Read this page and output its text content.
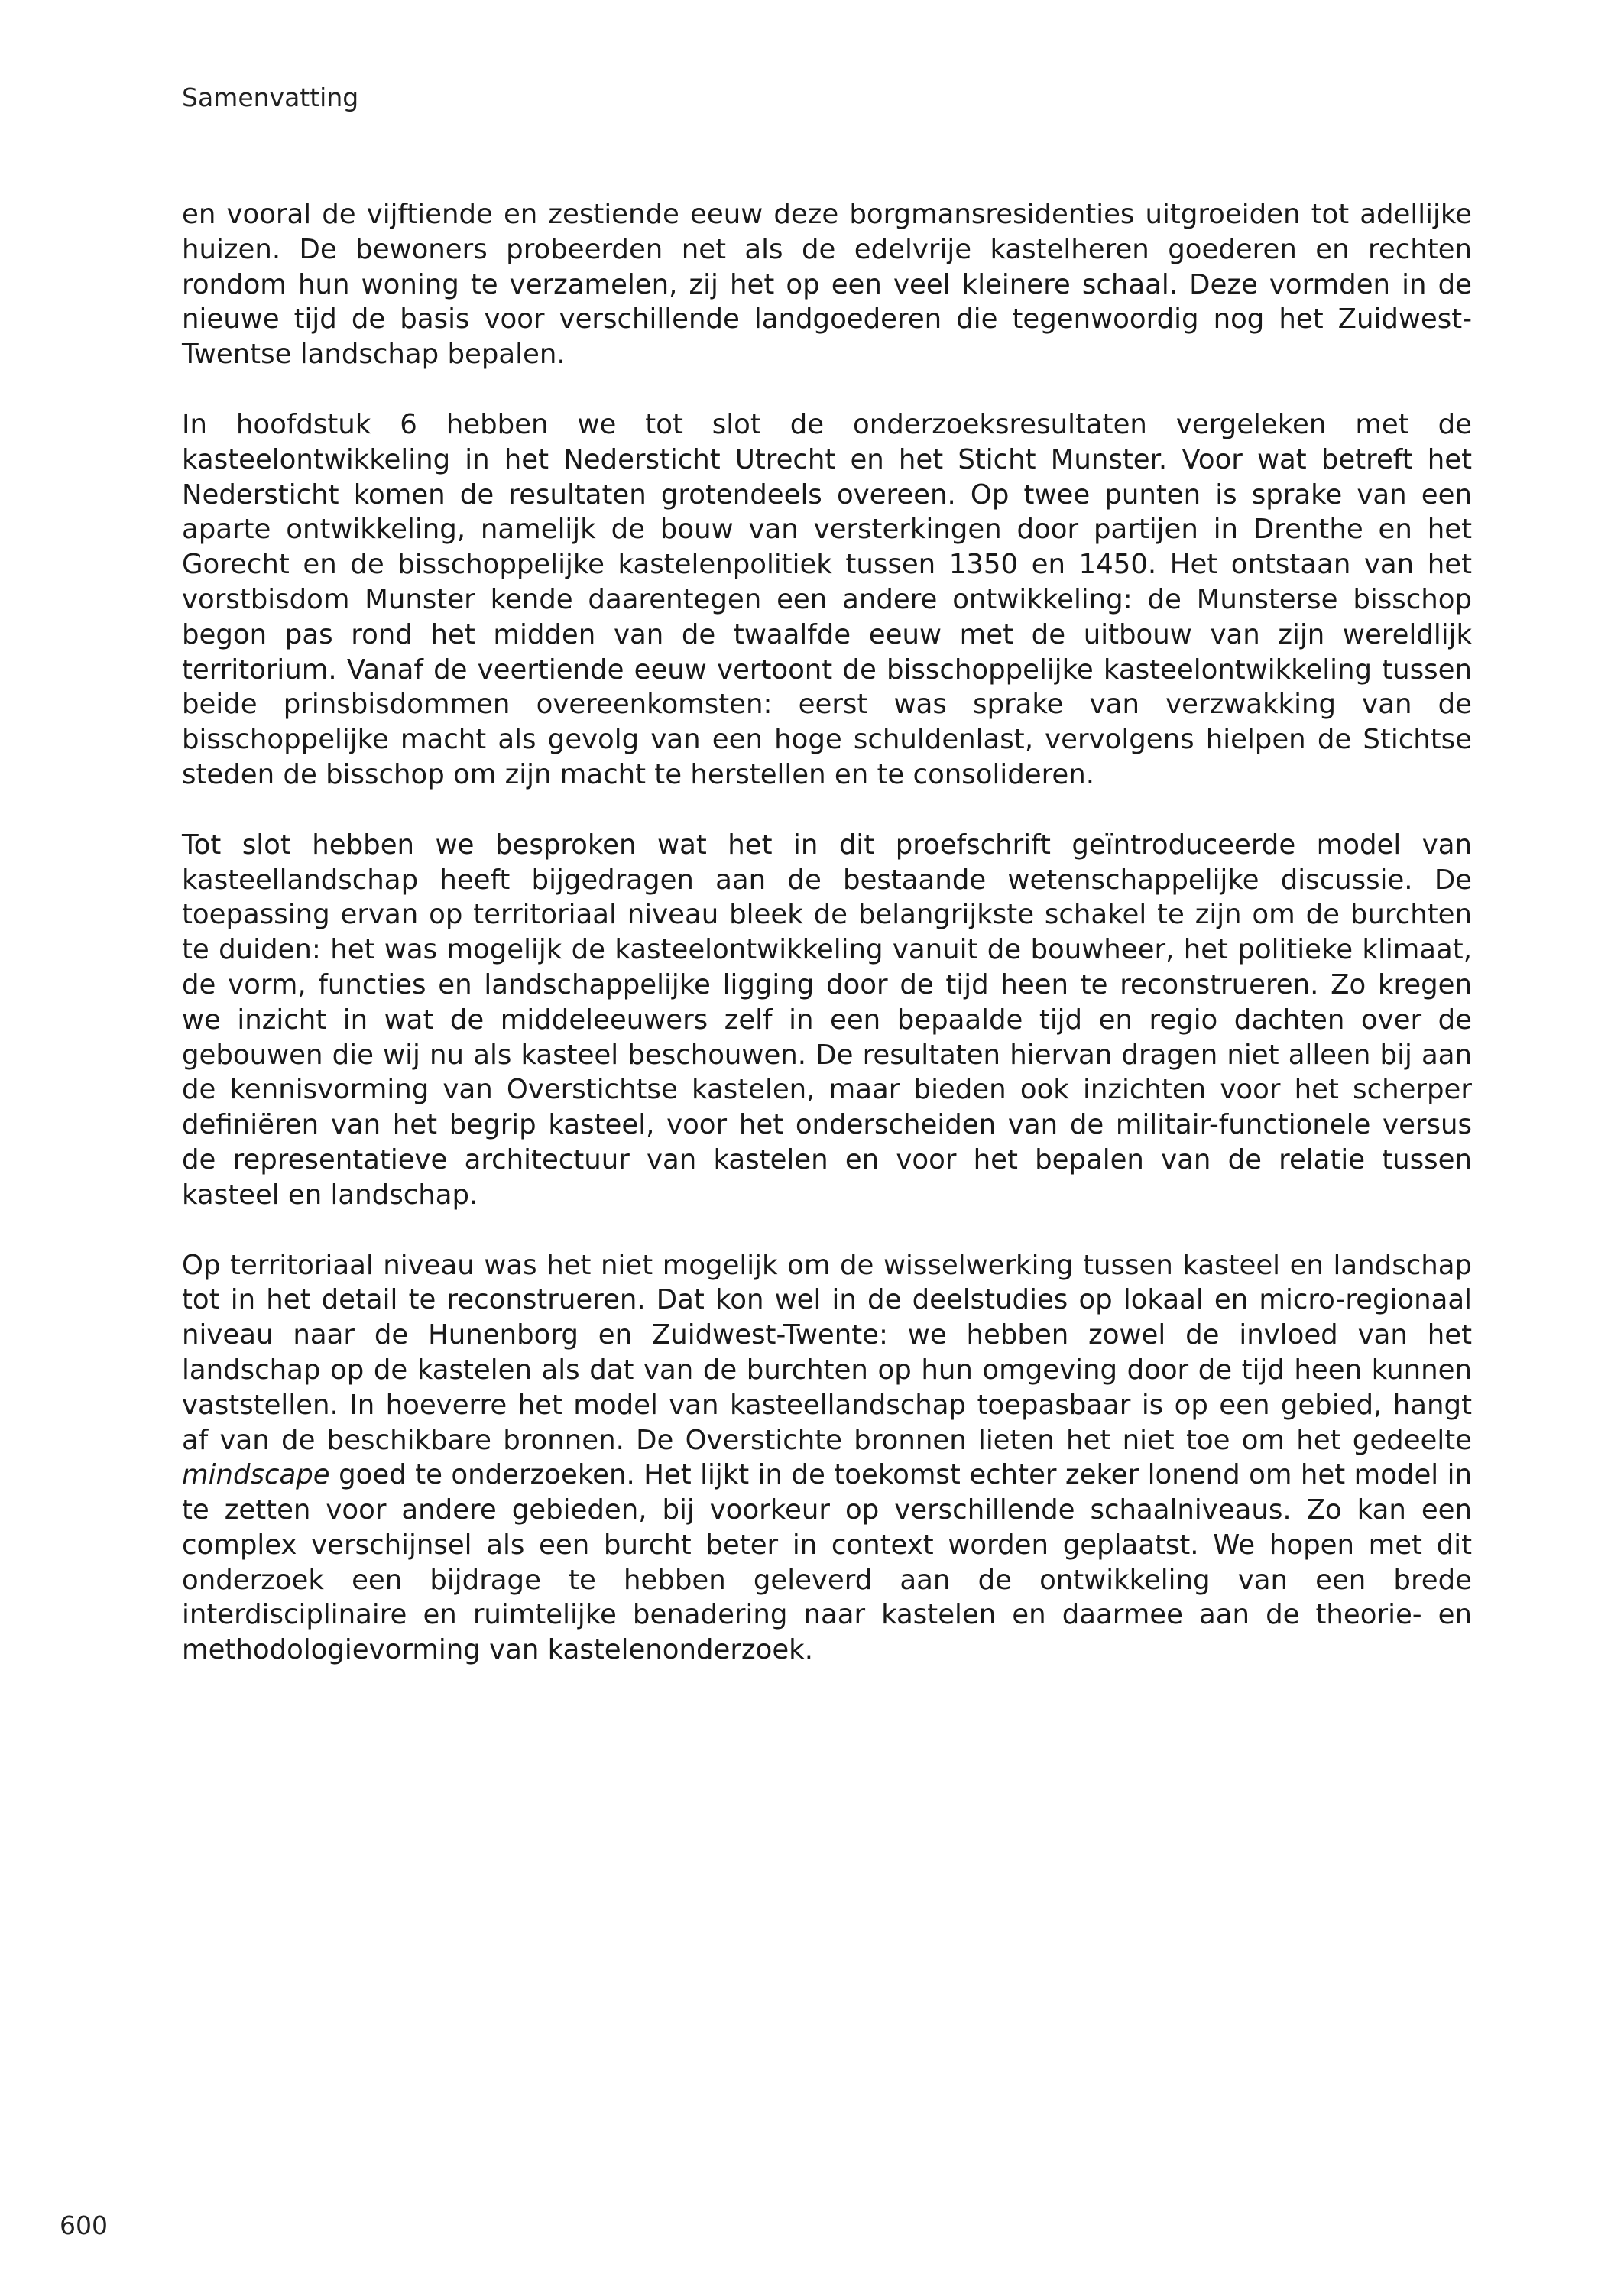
Samenvatting

en vooral de vijftiende en zestiende eeuw deze borgmansresidenties uitgroeiden tot adellijke huizen. De bewoners probeerden net als de edelvrije kastelheren goederen en rechten rondom hun woning te verzamelen, zij het op een veel kleinere schaal. Deze vormden in de nieuwe tijd de basis voor verschillende landgoederen die tegenwoordig nog het Zuidwest-Twentse landschap bepalen.

In hoofdstuk 6 hebben we tot slot de onderzoeksresultaten vergeleken met de kasteelontwikkeling in het Nedersticht Utrecht en het Sticht Munster. Voor wat betreft het Nedersticht komen de resultaten grotendeels overeen. Op twee punten is sprake van een aparte ontwikkeling, namelijk de bouw van versterkingen door partijen in Drenthe en het Gorecht en de bisschoppelijke kastelenpolitiek tussen 1350 en 1450. Het ontstaan van het vorstbisdom Munster kende daarentegen een andere ontwikkeling: de Munsterse bisschop begon pas rond het midden van de twaalfde eeuw met de uitbouw van zijn wereldlijk territorium. Vanaf de veertiende eeuw vertoont de bisschoppelijke kasteelontwikkeling tussen beide prinsbisdommen overeenkomsten: eerst was sprake van verzwakking van de bisschoppelijke macht als gevolg van een hoge schuldenlast, vervolgens hielpen de Stichtse steden de bisschop om zijn macht te herstellen en te consolideren.

Tot slot hebben we besproken wat het in dit proefschrift geïntroduceerde model van kasteellandschap heeft bijgedragen aan de bestaande wetenschappelijke discussie. De toepassing ervan op territoriaal niveau bleek de belangrijkste schakel te zijn om de burchten te duiden: het was mogelijk de kasteelontwikkeling vanuit de bouwheer, het politieke klimaat, de vorm, functies en landschappelijke ligging door de tijd heen te reconstrueren. Zo kregen we inzicht in wat de middeleeuwers zelf in een bepaalde tijd en regio dachten over de gebouwen die wij nu als kasteel beschouwen. De resultaten hiervan dragen niet alleen bij aan de kennisvorming van Overstichtse kastelen, maar bieden ook inzichten voor het scherper definiëren van het begrip kasteel, voor het onderscheiden van de militair-functionele versus de representatieve architectuur van kastelen en voor het bepalen van de relatie tussen kasteel en landschap.

Op territoriaal niveau was het niet mogelijk om de wisselwerking tussen kasteel en landschap tot in het detail te reconstrueren. Dat kon wel in de deelstudies op lokaal en micro-regionaal niveau naar de Hunenborg en Zuidwest-Twente: we hebben zowel de invloed van het landschap op de kastelen als dat van de burchten op hun omgeving door de tijd heen kunnen vaststellen. In hoeverre het model van kasteellandschap toepasbaar is op een gebied, hangt af van de beschikbare bronnen. De Overstichte bronnen lieten het niet toe om het gedeelte mindscape goed te onderzoeken. Het lijkt in de toekomst echter zeker lonend om het model in te zetten voor andere gebieden, bij voorkeur op verschillende schaalniveaus. Zo kan een complex verschijnsel als een burcht beter in context worden geplaatst. We hopen met dit onderzoek een bijdrage te hebben geleverd aan de ontwikkeling van een brede interdisciplinaire en ruimtelijke benadering naar kastelen en daarmee aan de theorie- en methodologievorming van kastelenonderzoek.

600
